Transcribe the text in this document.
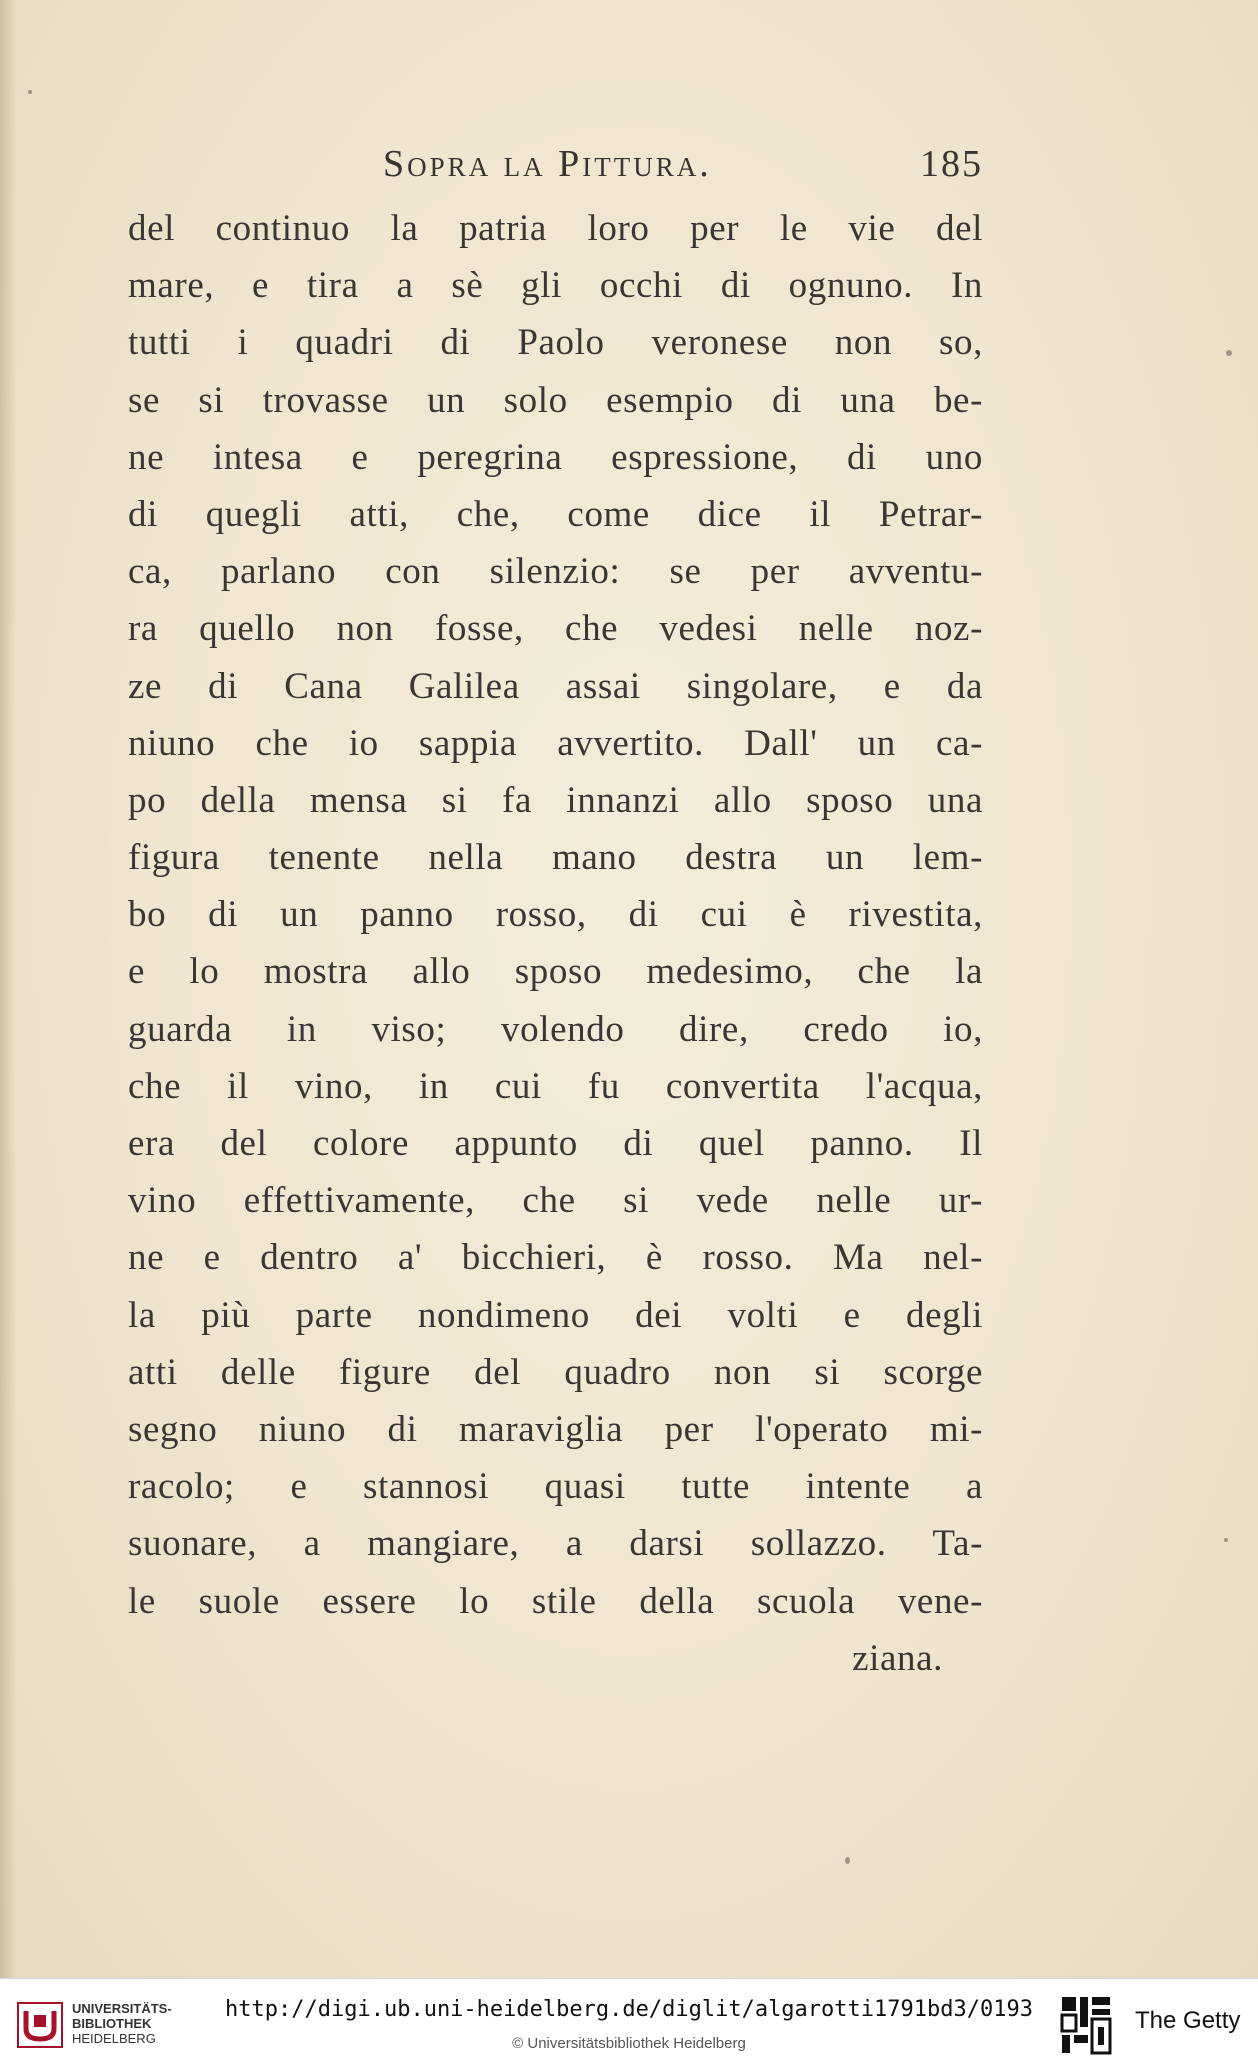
Sopra la Pittura.	185
del continuo la patria loro per le vie del
mare, e tira a sè gli occhi di ognuno. In
tutti i quadri di Paolo veronese non so,
se si trovasse un solo esempio di una be-
ne intesa e peregrina espressione, di uno
di quegli atti, che, come dice il Petrar-
ca, parlano con silenzio: se per avventu-
ra quello non fosse, che vedesi nelle noz-
ze di Cana Galilea assai singolare, e da
niuno che io sappia avvertito. Dall' un ca-
po della mensa si fa innanzi allo sposo una
figura tenente nella mano destra un lem-
bo di un panno rosso, di cui è rivestita,
e lo mostra allo sposo medesimo, che la
guarda in viso; volendo dire, credo io,
che il vino, in cui fu convertita l'acqua,
era del colore appunto di quel panno. Il
vino effettivamente, che si vede nelle ur-
ne e dentro a' bicchieri, è rosso. Ma nel-
la più parte nondimeno dei volti e degli
atti delle figure del quadro non si scorge
segno niuno di maraviglia per l'operato mi-
racolo; e stannosi quasi tutte intente a
suonare, a mangiare, a darsi sollazzo. Ta-
le suole essere lo stile della scuola vene-
ziana.
UNIVERSITÄTS-
BIBLIOTHEK
HEIDELBERG
http://digi.ub.uni-heidelberg.de/diglit/algarotti1791bd3/0193
© Universitätsbibliothek Heidelberg
The Getty
